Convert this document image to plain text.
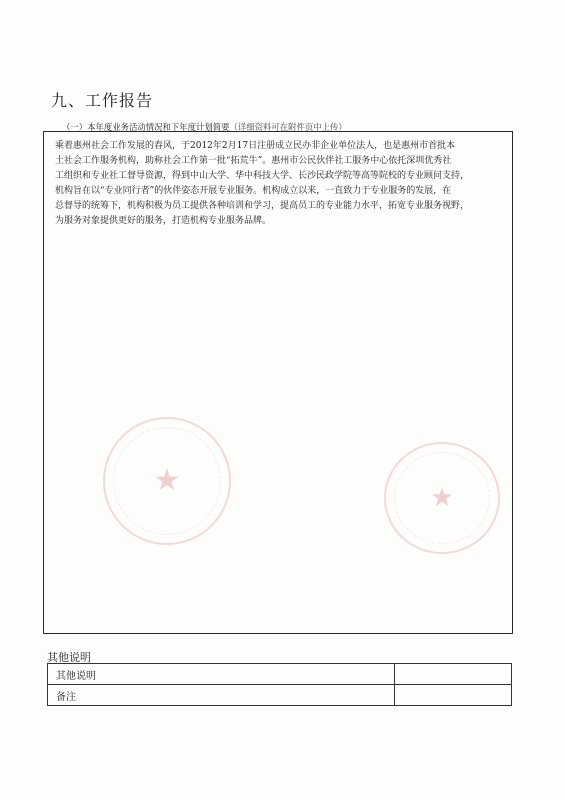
九、工作报告
（一）本年度业务活动情况和下年度计划简要（详细资料可在附件页中上传）
乘着惠州社会工作发展的春风，于2012年2月17日注册成立民办非企业单位法人，也是惠州市首批本
土社会工作服务机构，助称社会工作第一批“拓荒牛”。惠州市公民伙伴社工服务中心依托深圳优秀社
工组织和专业社工督导资源，得到中山大学、华中科技大学、长沙民政学院等高等院校的专业顾问支持，
机构旨在以“专业同行者”的伙伴姿态开展专业服务。机构成立以来，一直致力于专业服务的发展，在
总督导的统筹下，机构积极为员工提供各种培训和学习，提高员工的专业能力水平，拓宽专业服务视野，
为服务对象提供更好的服务，打造机构专业服务品牌。
★	★
其他说明
其他说明	
备注	
